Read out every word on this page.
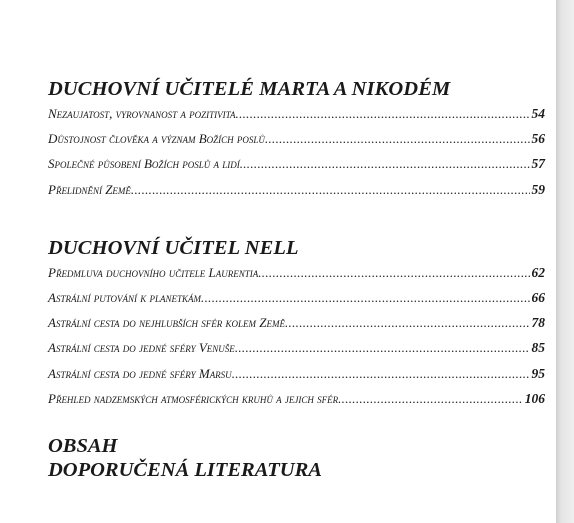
DUCHOVNÍ UČITELÉ MARTA A NIKODÉM
Nezaujatost, vyrovnanost a pozitivita .....	54
Důstojnost člověka a význam Božích poslů .....	56
Společné působení Božích poslů a lidí .....	57
Přelidnění Země .....	59
DUCHOVNÍ UČITEL NELL
Předmluva duchovního učitele Laurentia .....	62
Astrální putování k planetkám .....	66
Astrální cesta do nejhlubších sfér kolem Země .....	78
Astrální cesta do jedné sféry Venuše .....	85
Astrální cesta do jedné sféry Marsu .....	95
Přehled nadzemských atmosférických kruhů a jejich sfér .....	106
OBSAH
DOPORUČENÁ LITERATURA
